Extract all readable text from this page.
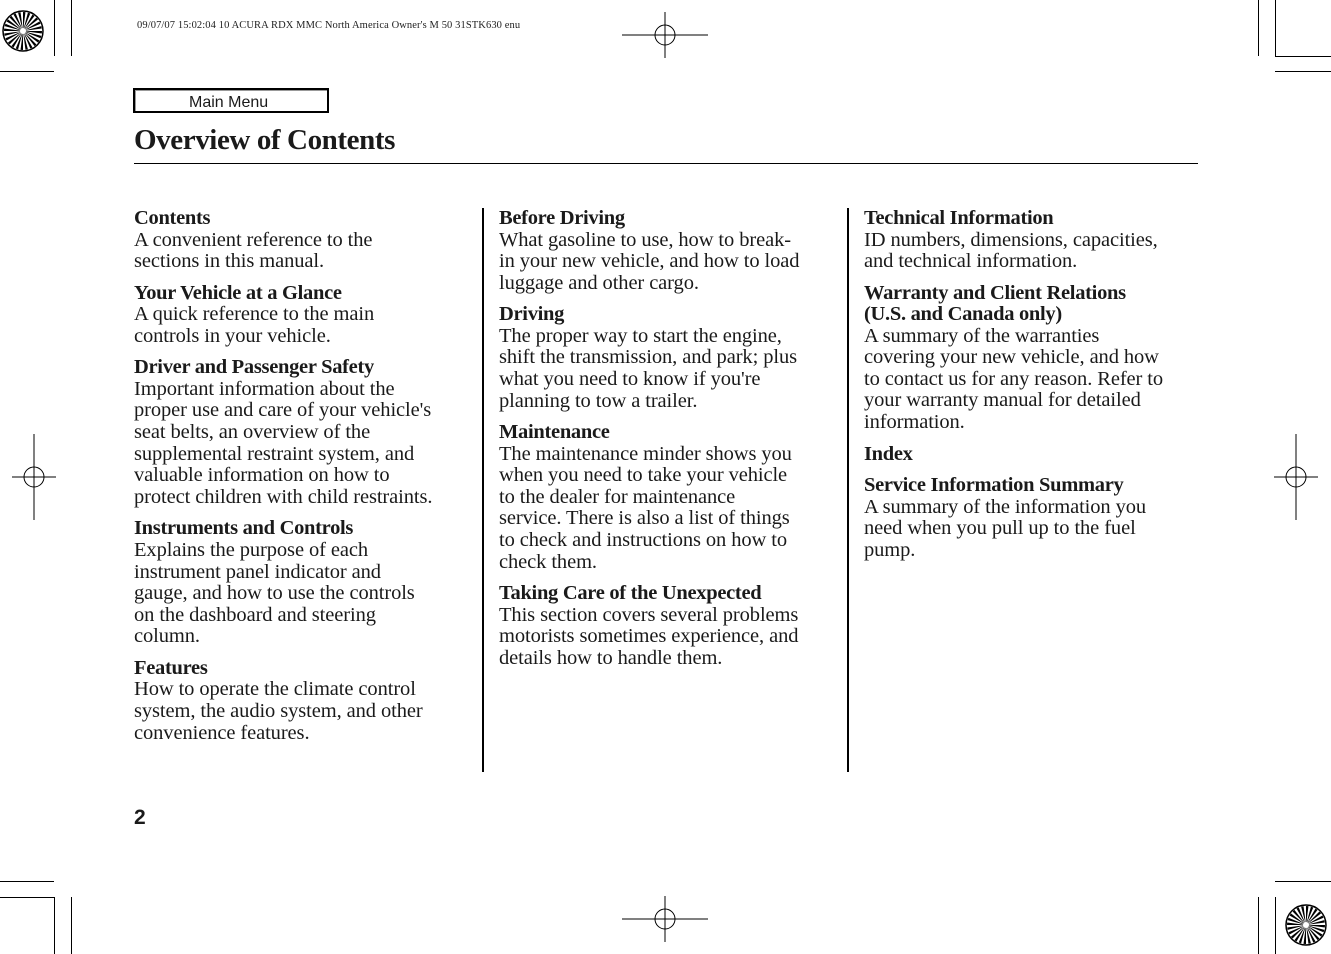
09/07/07 15:02:04 10 ACURA RDX MMC North America Owner's M 50 31STK630 enu
Main Menu
Overview of Contents
Contents

A convenient reference to the
sections in this manual.

Your Vehicle at a Glance

A quick reference to the main
controls in your vehicle.

Driver and Passenger Safety

Important information about the
proper use and care of your vehicle's
seat belts, an overview of the
supplemental restraint system, and
valuable information on how to
protect children with child restraints.

Instruments and Controls

Explains the purpose of each
instrument panel indicator and
gauge, and how to use the controls
on the dashboard and steering
column.

Features

How to operate the climate control
system, the audio system, and other
convenience features.

Before Driving

What gasoline to use, how to break-
in your new vehicle, and how to load
luggage and other cargo.

Driving

The proper way to start the engine,
shift the transmission, and park; plus
what you need to know if you're
planning to tow a trailer.

Maintenance

The maintenance minder shows you
when you need to take your vehicle
to the dealer for maintenance
service. There is also a list of things
to check and instructions on how to
check them.

Taking Care of the Unexpected

This section covers several problems
motorists sometimes experience, and
details how to handle them.

Technical Information

ID numbers, dimensions, capacities,
and technical information.

Warranty and Client Relations
(U.S. and Canada only)

A summary of the warranties
covering your new vehicle, and how
to contact us for any reason. Refer to
your warranty manual for detailed
information.

Index
Service Information Summary

A summary of the information you
need when you pull up to the fuel
pump.

2
